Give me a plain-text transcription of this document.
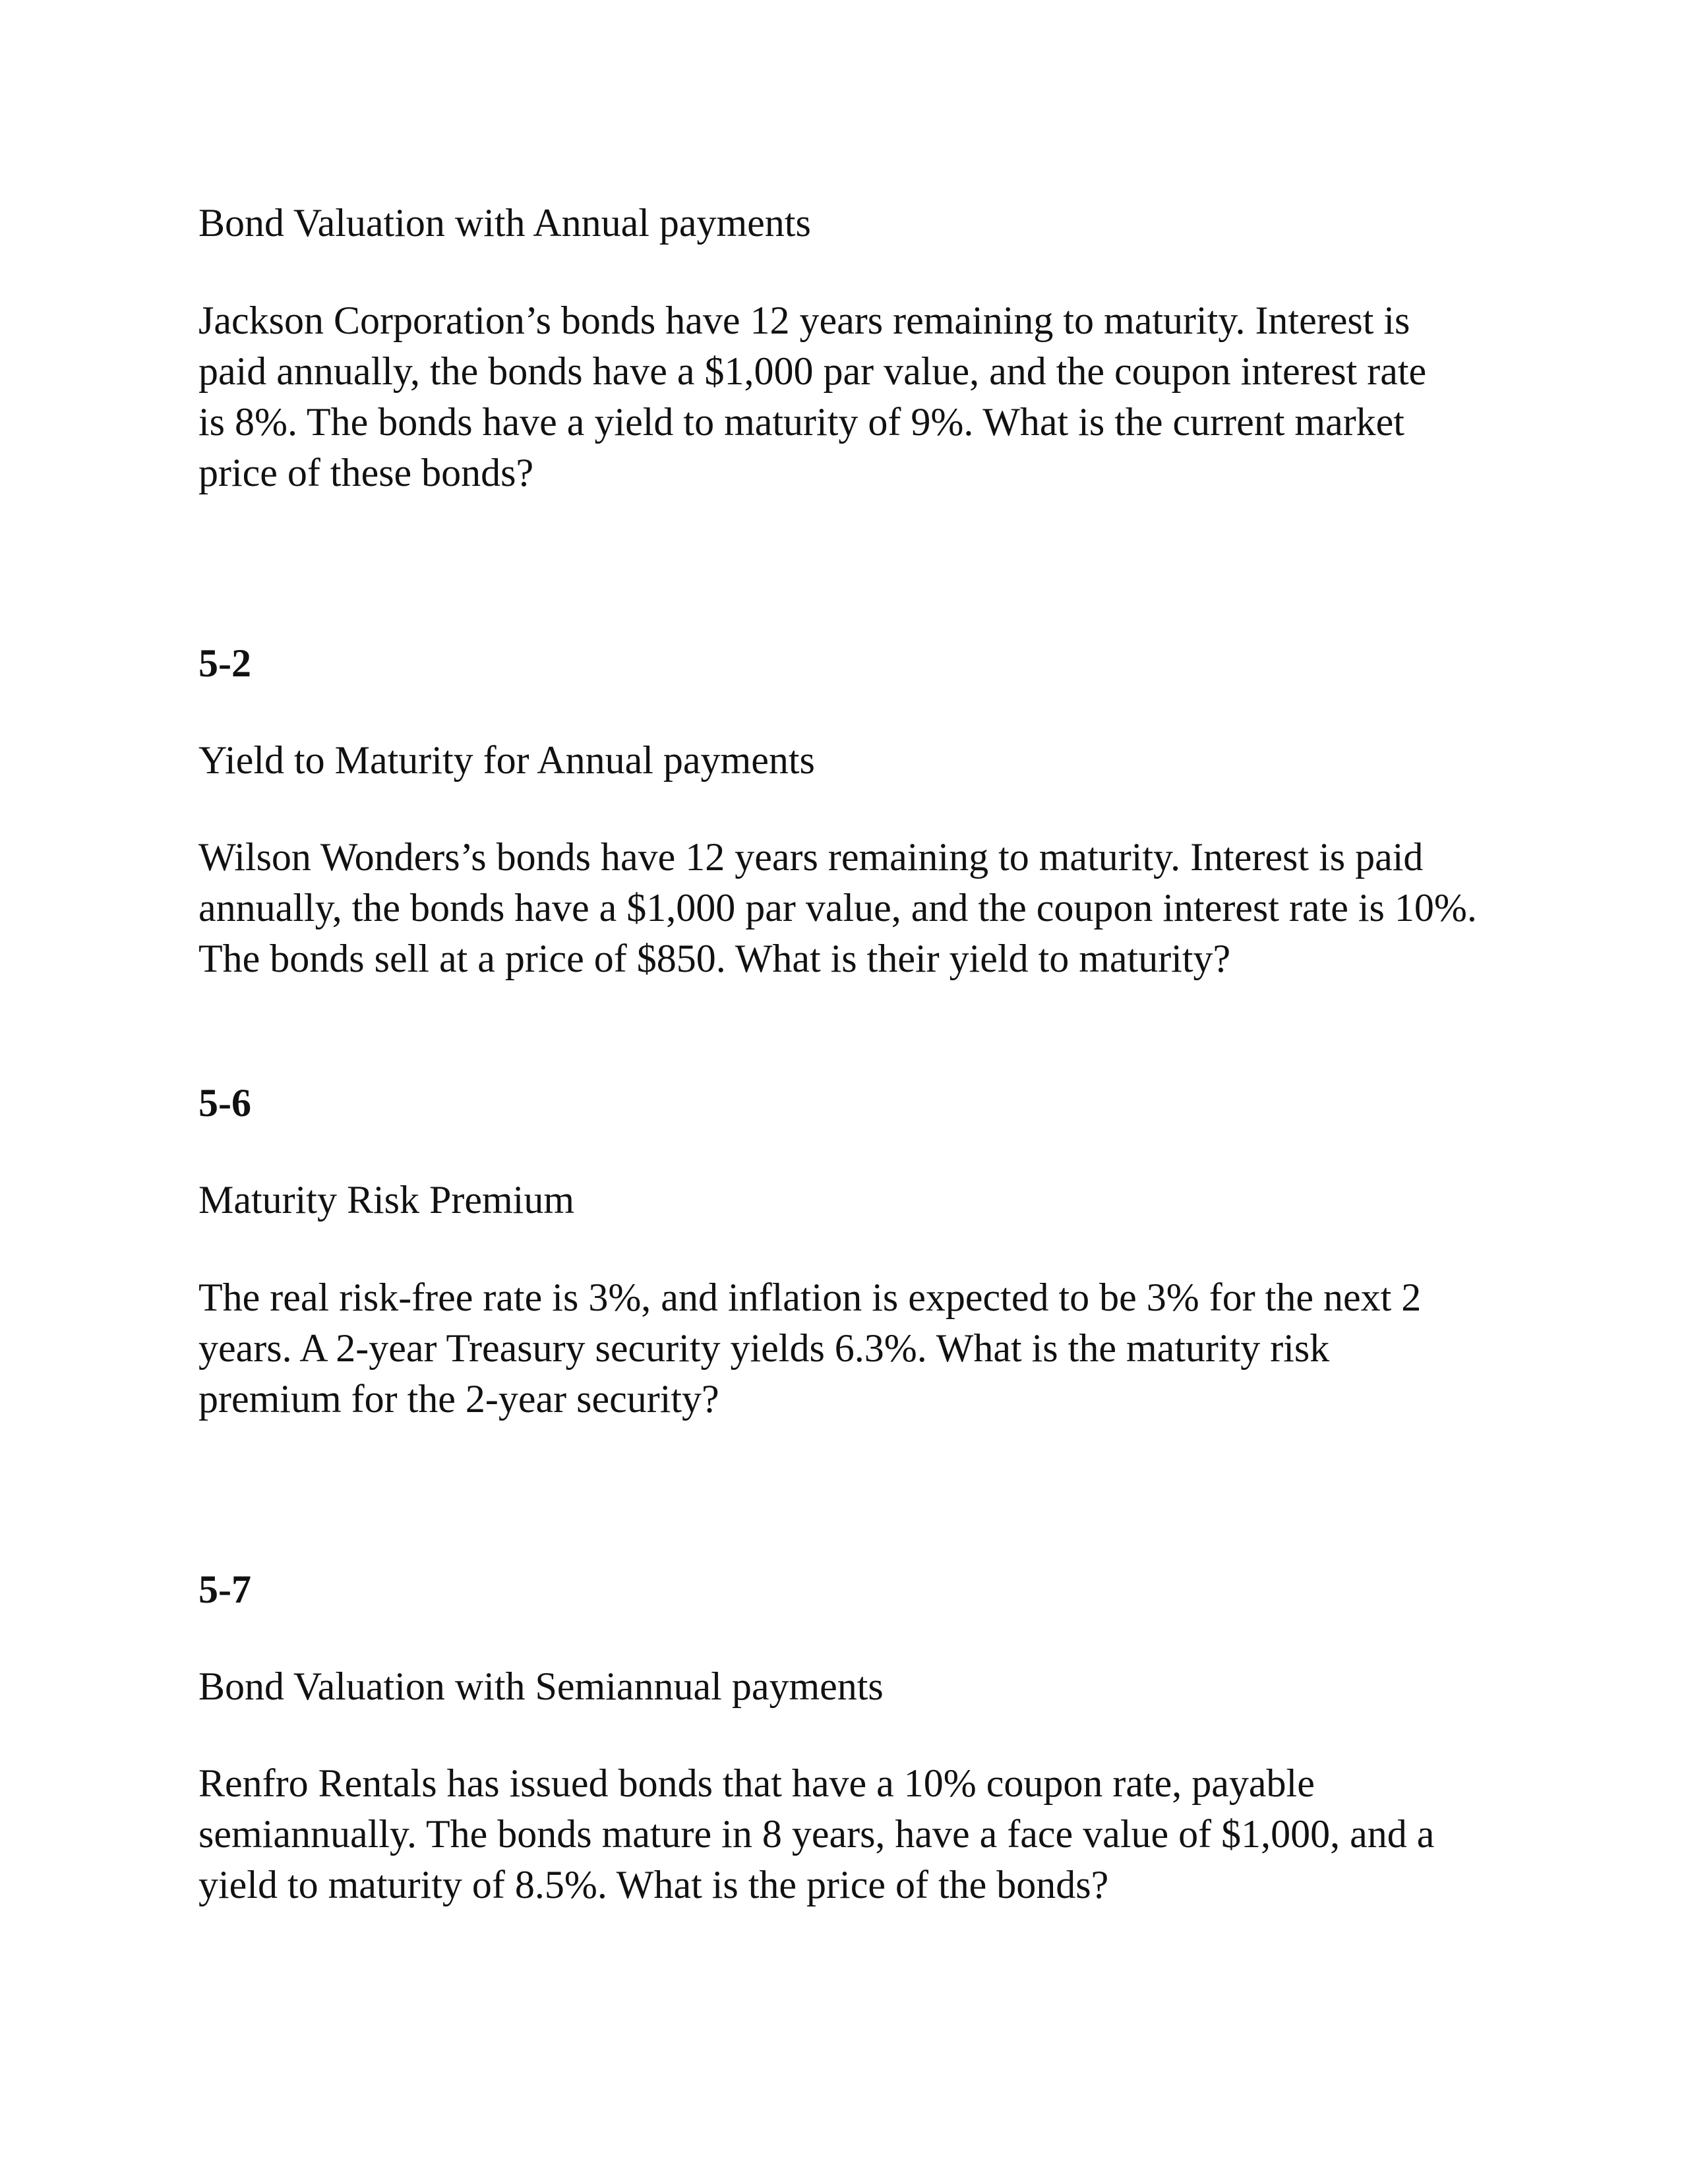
Bond Valuation with Annual payments

Jackson Corporation’s bonds have 12 years remaining to maturity. Interest is paid annually, the bonds have a $1,000 par value, and the coupon interest rate is 8%. The bonds have a yield to maturity of 9%. What is the current market price of these bonds?

5-2

Yield to Maturity for Annual payments

Wilson Wonders’s bonds have 12 years remaining to maturity. Interest is paid annually, the bonds have a $1,000 par value, and the coupon interest rate is 10%. The bonds sell at a price of $850. What is their yield to maturity?

5-6

Maturity Risk Premium

The real risk-free rate is 3%, and inflation is expected to be 3% for the next 2 years. A 2-year Treasury security yields 6.3%. What is the maturity risk premium for the 2-year security?

5-7

Bond Valuation with Semiannual payments

Renfro Rentals has issued bonds that have a 10% coupon rate, payable semiannually. The bonds mature in 8 years, have a face value of $1,000, and a yield to maturity of 8.5%. What is the price of the bonds?
